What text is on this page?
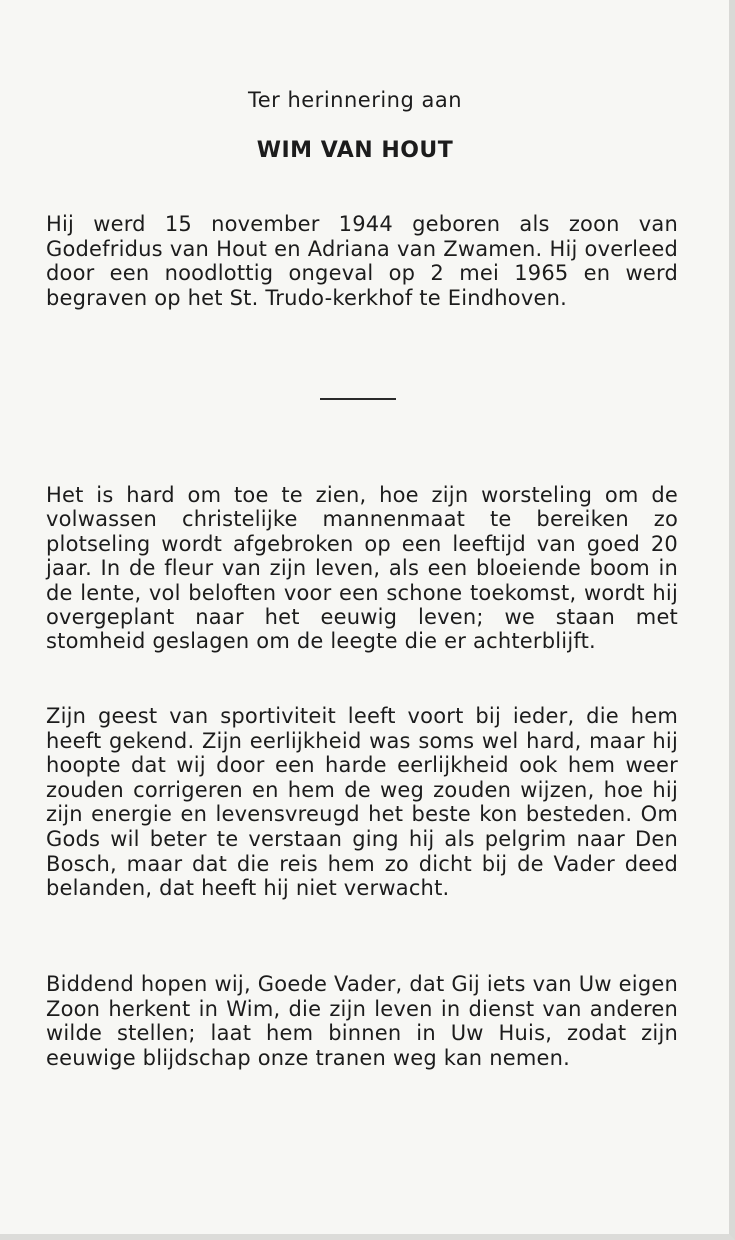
Ter herinnering aan
WIM VAN HOUT

Hij werd 15 november 1944 geboren als zoon van Godefridus van Hout en Adriana van Zwamen. Hij overleed door een noodlottig ongeval op 2 mei 1965 en werd begraven op het St. Trudo-kerkhof te Eindhoven.

Het is hard om toe te zien, hoe zijn worsteling om de volwassen christelijke mannenmaat te bereiken zo plotseling wordt afgebroken op een leeftijd van goed 20 jaar. In de fleur van zijn leven, als een bloeiende boom in de lente, vol beloften voor een schone toekomst, wordt hij overgeplant naar het eeuwig leven; we staan met stomheid geslagen om de leegte die er achterblijft.

Zijn geest van sportiviteit leeft voort bij ieder, die hem heeft gekend. Zijn eerlijkheid was soms wel hard, maar hij hoopte dat wij door een harde eerlijkheid ook hem weer zouden corrigeren en hem de weg zouden wijzen, hoe hij zijn energie en levensvreugd het beste kon besteden. Om Gods wil beter te verstaan ging hij als pelgrim naar Den Bosch, maar dat die reis hem zo dicht bij de Vader deed belanden, dat heeft hij niet verwacht.

Biddend hopen wij, Goede Vader, dat Gij iets van Uw eigen Zoon herkent in Wim, die zijn leven in dienst van anderen wilde stellen; laat hem binnen in Uw Huis, zodat zijn eeuwige blijdschap onze tranen weg kan nemen.
